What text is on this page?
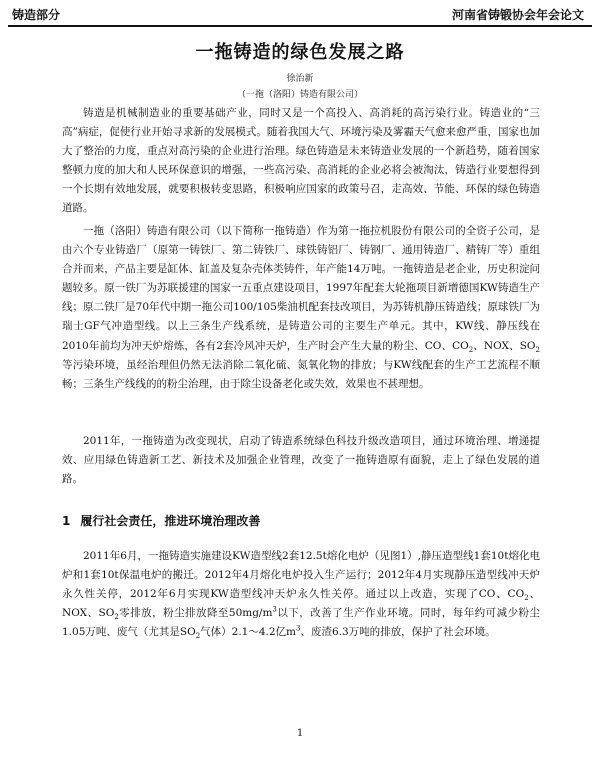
铸造部分	河南省铸锻协会年会论文
一拖铸造的绿色发展之路
徐治新
（一拖（洛阳）铸造有限公司）

铸造是机械制造业的重要基础产业，同时又是一个高投入、高消耗的高污染行业。铸造业的“三高”病症，促使行业开始寻求新的发展模式。随着我国大气、环境污染及雾霾天气愈来愈严重，国家也加大了整治的力度，重点对高污染的企业进行治理。绿色铸造是未来铸造业发展的一个新趋势，随着国家整顿力度的加大和人民环保意识的增强，一些高污染、高消耗的企业必将会被淘汰，铸造行业要想得到一个长期有效地发展，就要积极转变思路，积极响应国家的政策号召，走高效、节能、环保的绿色铸造道路。

一拖（洛阳）铸造有限公司（以下简称一拖铸造）作为第一拖拉机股份有限公司的全资子公司，是由六个专业铸造厂（原第一铸铁厂、第二铸铁厂、球铁铸铝厂、铸钢厂、通用铸造厂、精铸厂等）重组合并而来，产品主要是缸体、缸盖及复杂壳体类铸件，年产能14万吨。一拖铸造是老企业，历史积淀问题较多。原一铁厂为苏联援建的国家一五重点建设项目，1997年配套大轮拖项目新增德国KW铸造生产线；原二铁厂是70年代中期一拖公司100/105柴油机配套技改项目，为苏铸机静压铸造线；原球铁厂为瑞士GF气冲造型线。以上三条生产线系统，是铸造公司的主要生产单元。其中，KW线、静压线在2010年前均为冲天炉熔炼，各有2套冷风冲天炉，生产时会产生大量的粉尘、CO、$CO_2$、NOX、$SO_2$等污染环境，虽经治理但仍然无法消除二氧化硫、氮氧化物的排放；与KW线配套的生产工艺流程不顺畅；三条生产线线的的粉尘治理，由于除尘设备老化或失效，效果也不甚理想。

2011年，一拖铸造为改变现状，启动了铸造系统绿色科技升级改造项目，通过环境治理、增递提效、应用绿色铸造新工艺、新技术及加强企业管理，改变了一拖铸造原有面貌，走上了绿色发展的道路。

1 履行社会责任，推进环境治理改善

2011年6月，一拖铸造实施建设KW造型线2套12.5t熔化电炉（见图1）,静压造型线1套10t熔化电炉和1套10t保温电炉的搬迁。2012年4月熔化电炉投入生产运行；2012年4月实现静压造型线冲天炉永久性关停，2012年6月实现KW造型线冲天炉永久性关停。通过以上改造，实现了CO、$CO_2$、NOX、$SO_2$零排放，粉尘排放降至$50mg/m^3$以下，改善了生产作业环境。同时，每年约可减少粉尘1.05万吨、废气（尤其是$SO_2$气体）2.1～4.2亿$m^3$、废渣6.3万吨的排放，保护了社会环境。

1
